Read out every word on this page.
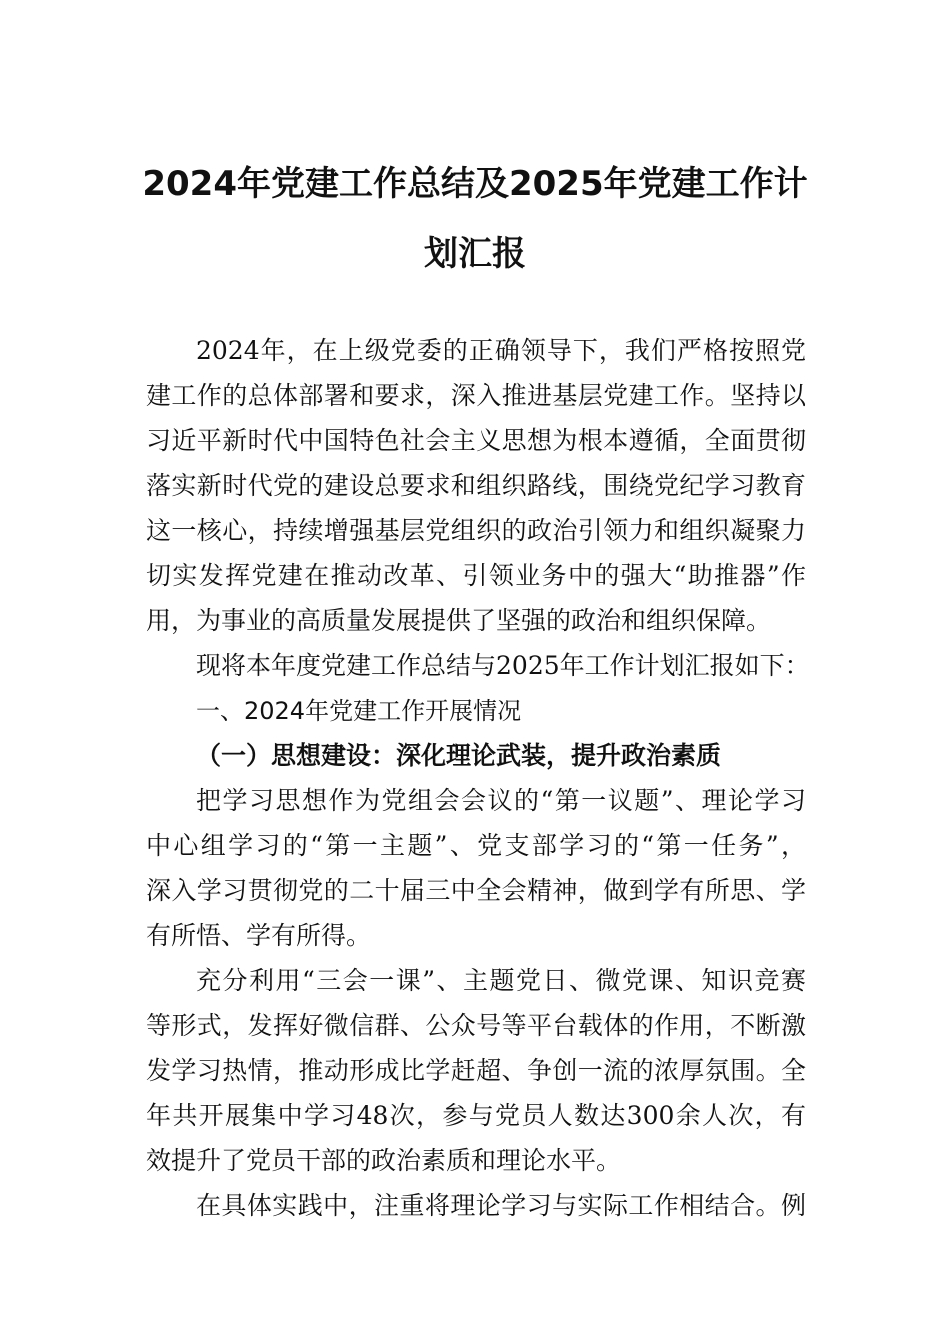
2024年党建工作总结及2025年党建工作计
划汇报
2024年，在上级党委的正确领导下，我们严格按照党
建工作的总体部署和要求，深入推进基层党建工作。坚持以
习近平新时代中国特色社会主义思想为根本遵循，全面贯彻
落实新时代党的建设总要求和组织路线，围绕党纪学习教育
这一核心，持续增强基层党组织的政治引领力和组织凝聚力
切实发挥党建在推动改革、引领业务中的强大“助推器”作
用，为事业的高质量发展提供了坚强的政治和组织保障。
现将本年度党建工作总结与2025年工作计划汇报如下：
一、2024年党建工作开展情况
（一）思想建设：深化理论武装，提升政治素质
把学习思想作为党组会会议的“第一议题”、理论学习
中心组学习的“第一主题”、党支部学习的“第一任务”，
深入学习贯彻党的二十届三中全会精神，做到学有所思、学
有所悟、学有所得。
充分利用“三会一课”、主题党日、微党课、知识竞赛
等形式，发挥好微信群、公众号等平台载体的作用，不断激
发学习热情，推动形成比学赶超、争创一流的浓厚氛围。全
年共开展集中学习48次，参与党员人数达300余人次，有
效提升了党员干部的政治素质和理论水平。
在具体实践中，注重将理论学习与实际工作相结合。例
